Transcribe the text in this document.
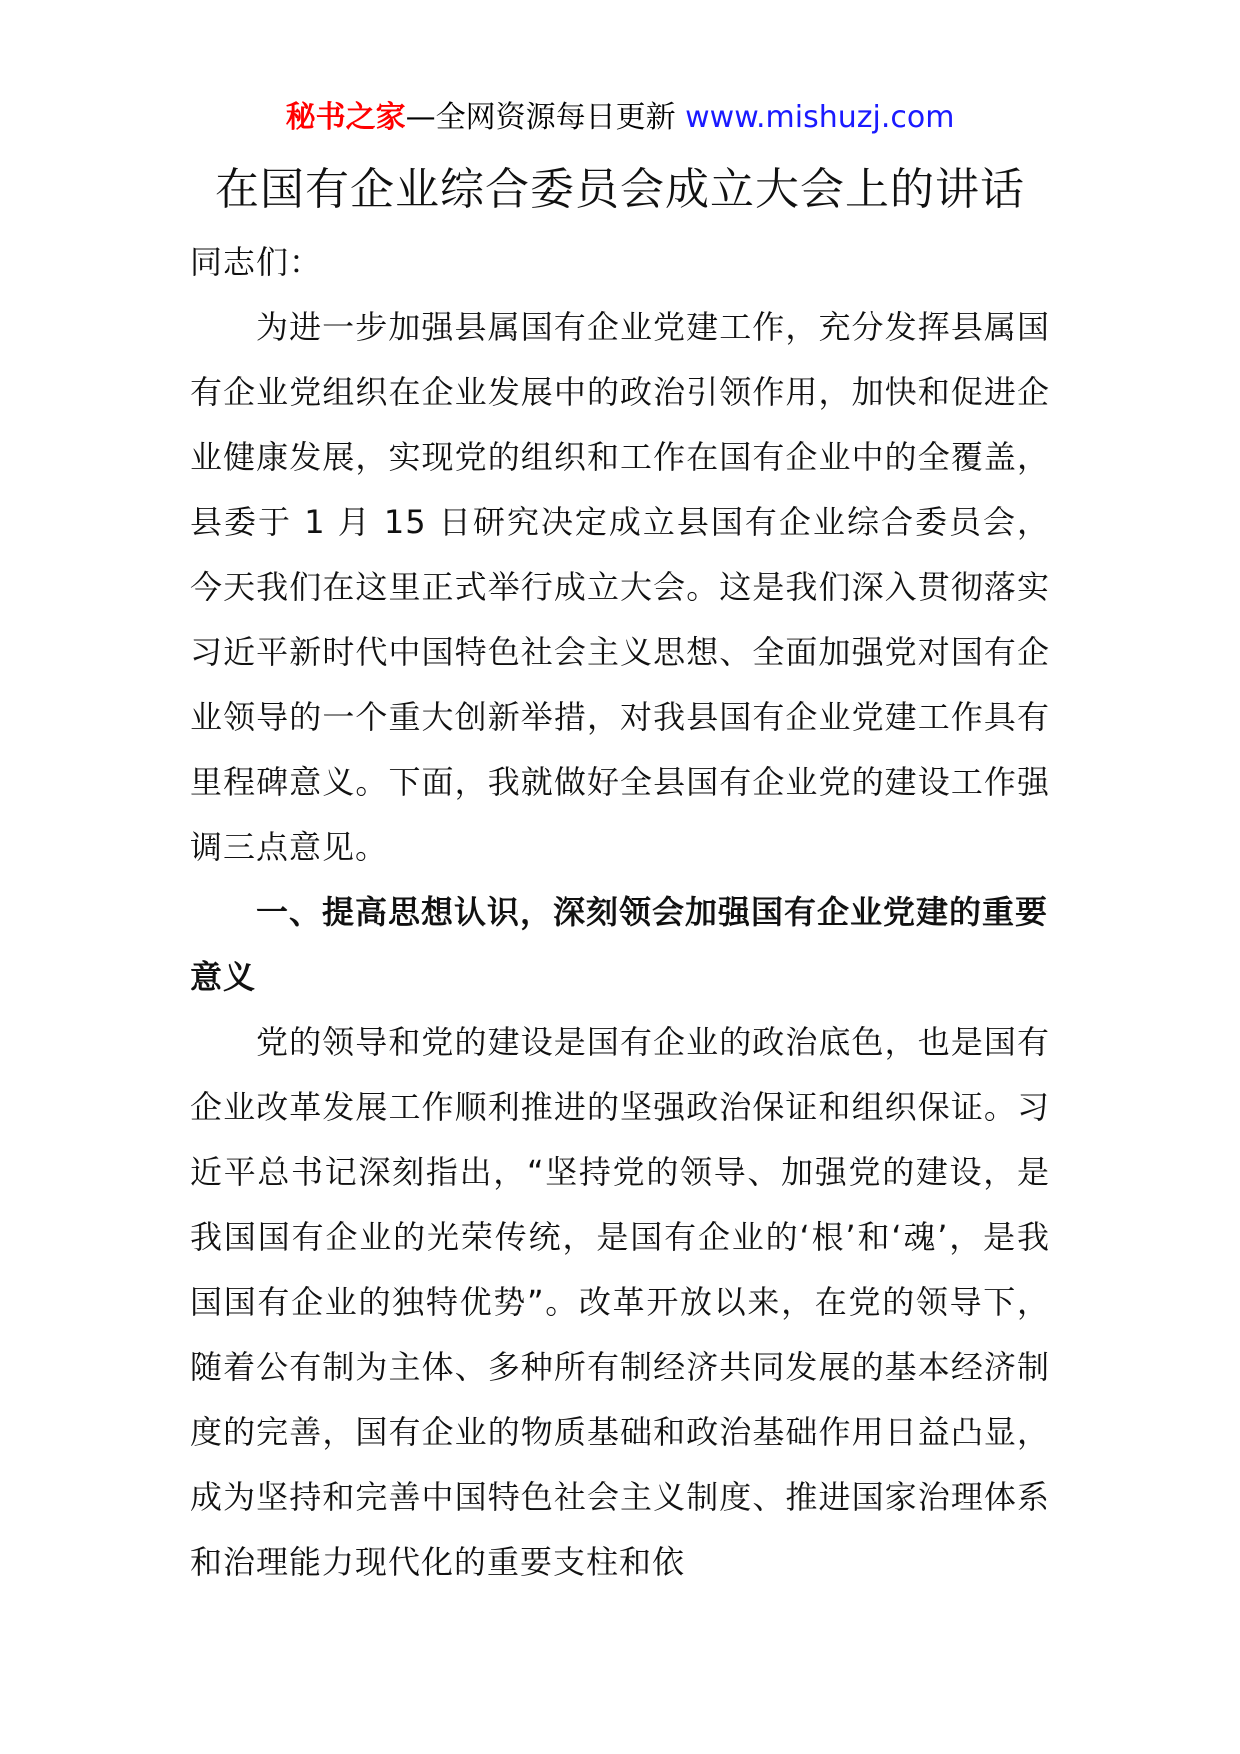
秘书之家—全网资源每日更新 www.mishuzj.com
在国有企业综合委员会成立大会上的讲话

同志们：

为进一步加强县属国有企业党建工作，充分发挥县属国有企业党组织在企业发展中的政治引领作用，加快和促进企业健康发展，实现党的组织和工作在国有企业中的全覆盖，县委于 1 月 15 日研究决定成立县国有企业综合委员会，今天我们在这里正式举行成立大会。这是我们深入贯彻落实习近平新时代中国特色社会主义思想、全面加强党对国有企业领导的一个重大创新举措，对我县国有企业党建工作具有里程碑意义。下面，我就做好全县国有企业党的建设工作强调三点意见。

一、提高思想认识，深刻领会加强国有企业党建的重要意义

党的领导和党的建设是国有企业的政治底色，也是国有企业改革发展工作顺利推进的坚强政治保证和组织保证。习近平总书记深刻指出，“坚持党的领导、加强党的建设，是我国国有企业的光荣传统，是国有企业的‘根’和‘魂’，是我国国有企业的独特优势”。改革开放以来，在党的领导下，随着公有制为主体、多种所有制经济共同发展的基本经济制度的完善，国有企业的物质基础和政治基础作用日益凸显，成为坚持和完善中国特色社会主义制度、推进国家治理体系和治理能力现代化的重要支柱和依
